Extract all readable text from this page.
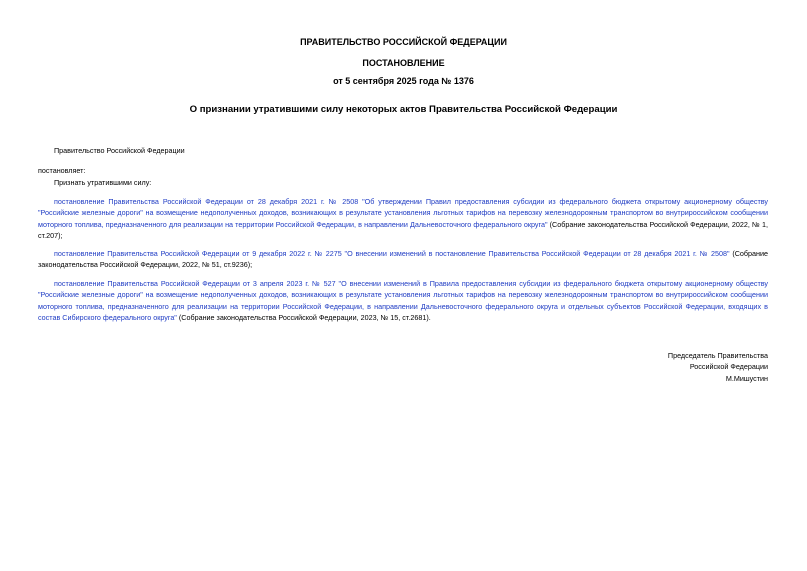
ПРАВИТЕЛЬСТВО РОССИЙСКОЙ ФЕДЕРАЦИИ
ПОСТАНОВЛЕНИЕ
от 5 сентября 2025 года № 1376
О признании утратившими силу некоторых актов Правительства Российской Федерации
Правительство Российской Федерации
постановляет:
Признать утратившими силу:
постановление Правительства Российской Федерации от 28 декабря 2021 г. № 2508 "Об утверждении Правил предоставления субсидии из федерального бюджета открытому акционерному обществу "Российские железные дороги" на возмещение недополученных доходов, возникающих в результате установления льготных тарифов на перевозку железнодорожным транспортом во внутрироссийском сообщении моторного топлива, предназначенного для реализации на территории Российской Федерации, в направлении Дальневосточного федерального округа" (Собрание законодательства Российской Федерации, 2022, № 1, ст.207);
постановление Правительства Российской Федерации от 9 декабря 2022 г. № 2275 "О внесении изменений в постановление Правительства Российской Федерации от 28 декабря 2021 г. № 2508" (Собрание законодательства Российской Федерации, 2022, № 51, ст.9236);
постановление Правительства Российской Федерации от 3 апреля 2023 г. № 527 "О внесении изменений в Правила предоставления субсидии из федерального бюджета открытому акционерному обществу "Российские железные дороги" на возмещение недополученных доходов, возникающих в результате установления льготных тарифов на перевозку железнодорожным транспортом во внутрироссийском сообщении моторного топлива, предназначенного для реализации на территории Российской Федерации, в направлении Дальневосточного федерального округа и отдельных субъектов Российской Федерации, входящих в состав Сибирского федерального округа" (Собрание законодательства Российской Федерации, 2023, № 15, ст.2681).
Председатель Правительства
Российской Федерации
М.Мишустин
